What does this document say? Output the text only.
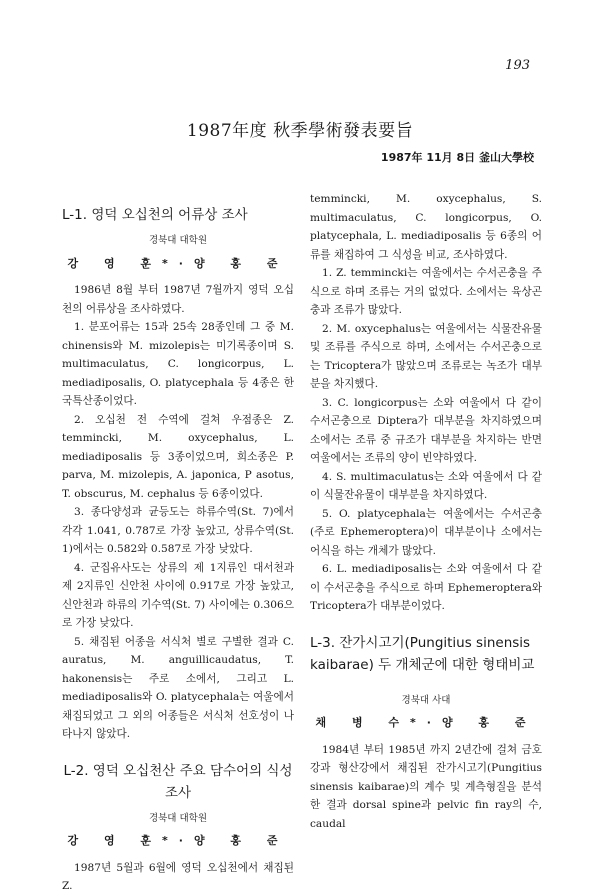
193
1987年度 秋季學術發表要旨
1987年 11月 8日 釜山大學校
L-1. 영덕 오십천의 어류상 조사
경북대 대학원
강 영 훈*·양 홍 준

1986년 8월 부터 1987년 7월까지 영덕 오십천의 어류상을 조사하였다.

1. 분포어류는 15과 25속 28종인데 그 중 M. chinensis와 M. mizolepis는 미기록종이며 S. multimaculatus, C. longicorpus, L. mediadiposalis, O. platycephala 등 4종은 한국특산종이었다.

2. 오십천 전 수역에 걸쳐 우점종은 Z. temmincki, M. oxycephalus, L. mediadiposalis 등 3종이었으며, 희소종은 P. parva, M. mizolepis, A. japonica, P asotus, T. obscurus, M. cephalus 등 6종이었다.

3. 종다양성과 균등도는 하류수역(St. 7)에서 각각 1.041, 0.787로 가장 높았고, 상류수역(St. 1)에서는 0.582와 0.587로 가장 낮았다.

4. 군집유사도는 상류의 제 1지류인 대서천과 제 2지류인 신안천 사이에 0.917로 가장 높았고, 신안천과 하류의 기수역(St. 7) 사이에는 0.306으로 가장 낮았다.

5. 채집된 어종을 서식처 별로 구별한 결과 C. auratus, M. anguillicaudatus, T. hakonensis는 주로 소에서, 그리고 L. mediadiposalis와 O. platycephala는 여울에서 채집되었고 그 외의 어종들은 서식처 선호성이 나타나지 않았다.

L-2. 영덕 오십천산 주요 담수어의 식성조사
경북대 대학원
강 영 훈*·양 홍 준

1987년 5월과 6월에 영덕 오십천에서 채집된 Z.

temmincki, M. oxycephalus, S. multimaculatus, C. longicorpus, O. platycephala, L. mediadiposalis 등 6종의 어류를 채집하여 그 식성을 비교, 조사하였다.

1. Z. temmincki는 여울에서는 수서곤충을 주식으로 하며 조류는 거의 없었다. 소에서는 육상곤충과 조류가 많았다.

2. M. oxycephalus는 여울에서는 식물잔유물 및 조류를 주식으로 하며, 소에서는 수서곤충으로는 Tricoptera가 많았으며 조류로는 녹조가 대부분을 차지했다.

3. C. longicorpus는 소와 여울에서 다 같이 수서곤충으로 Diptera가 대부분을 차지하였으며 소에서는 조류 중 규조가 대부분을 차지하는 반면 여울에서는 조류의 양이 빈약하였다.

4. S. multimaculatus는 소와 여울에서 다 같이 식물잔유물이 대부분을 차지하였다.

5. O. platycephala는 여울에서는 수서곤충 (주로 Ephemeroptera)이 대부분이나 소에서는 어식을 하는 개체가 많았다.

6. L. mediadiposalis는 소와 여울에서 다 같이 수서곤충을 주식으로 하며 Ephemeroptera와 Tricoptera가 대부분이었다.

L-3. 잔가시고기(Pungitius sinensis kaibarae) 두 개체군에 대한 형태비교
경북대 사대
채 병 수*·양 홍 준

1984년 부터 1985년 까지 2년간에 걸쳐 금호강과 형산강에서 채집된 잔가시고기(Pungitius sinensis kaibarae)의 계수 및 계측형질을 분석한 결과 dorsal spine과 pelvic fin ray의 수, caudal
